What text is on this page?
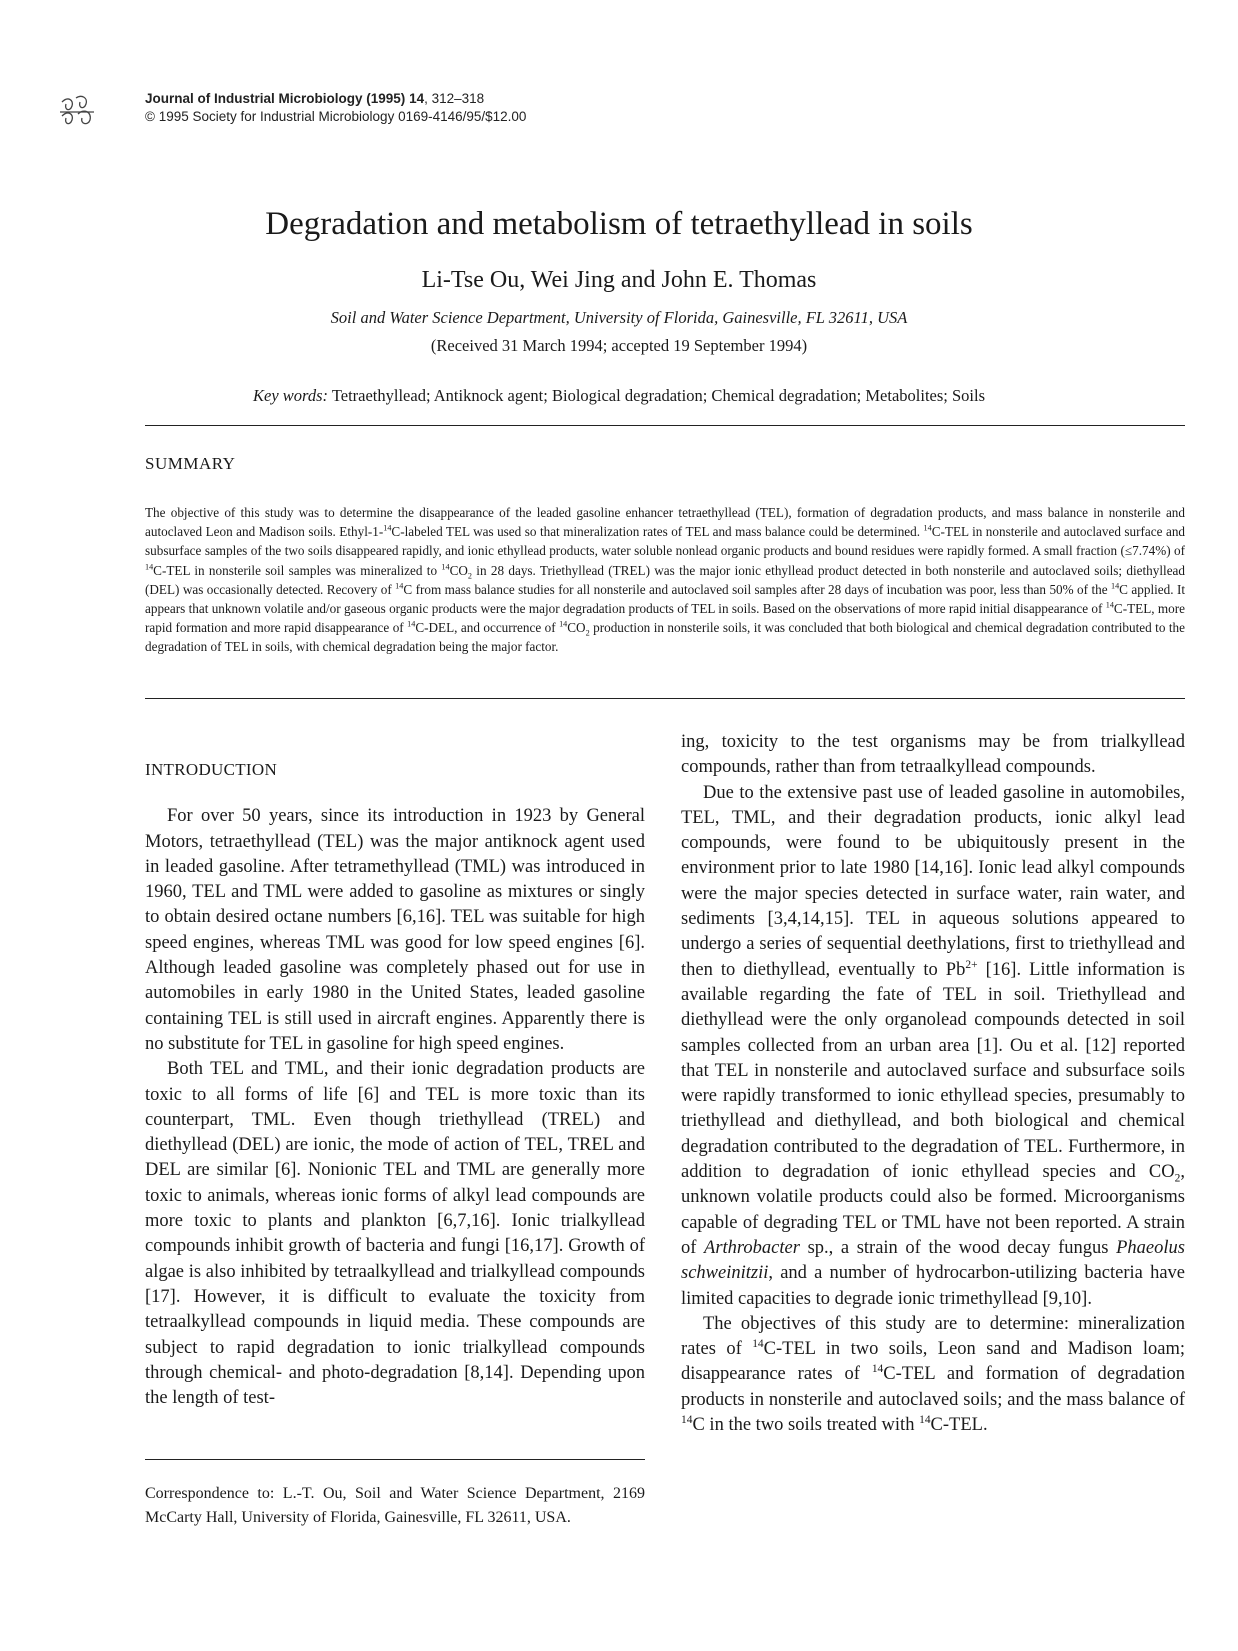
Journal of Industrial Microbiology (1995) 14, 312–318
© 1995 Society for Industrial Microbiology 0169-4146/95/$12.00
Degradation and metabolism of tetraethyllead in soils
Li-Tse Ou, Wei Jing and John E. Thomas
Soil and Water Science Department, University of Florida, Gainesville, FL 32611, USA
(Received 31 March 1994; accepted 19 September 1994)
Key words: Tetraethyllead; Antiknock agent; Biological degradation; Chemical degradation; Metabolites; Soils
SUMMARY
The objective of this study was to determine the disappearance of the leaded gasoline enhancer tetraethyllead (TEL), formation of degradation products, and mass balance in nonsterile and autoclaved Leon and Madison soils. Ethyl-1-$^{14}$C-labeled TEL was used so that mineralization rates of TEL and mass balance could be determined. $^{14}$C-TEL in nonsterile and autoclaved surface and subsurface samples of the two soils disappeared rapidly, and ionic ethyllead products, water soluble nonlead organic products and bound residues were rapidly formed. A small fraction (≤7.74%) of $^{14}$C-TEL in nonsterile soil samples was mineralized to $^{14}CO_2$ in 28 days. Triethyllead (TREL) was the major ionic ethyllead product detected in both nonsterile and autoclaved soils; diethyllead (DEL) was occasionally detected. Recovery of $^{14}$C from mass balance studies for all nonsterile and autoclaved soil samples after 28 days of incubation was poor, less than 50% of the $^{14}$C applied. It appears that unknown volatile and/or gaseous organic products were the major degradation products of TEL in soils. Based on the observations of more rapid initial disappearance of $^{14}$C-TEL, more rapid formation and more rapid disappearance of $^{14}$C-DEL, and occurrence of $^{14}CO_2$ production in nonsterile soils, it was concluded that both biological and chemical degradation contributed to the degradation of TEL in soils, with chemical degradation being the major factor.
INTRODUCTION

For over 50 years, since its introduction in 1923 by General Motors, tetraethyllead (TEL) was the major antiknock agent used in leaded gasoline. After tetramethyllead (TML) was introduced in 1960, TEL and TML were added to gasoline as mixtures or singly to obtain desired octane numbers [6,16]. TEL was suitable for high speed engines, whereas TML was good for low speed engines [6]. Although leaded gasoline was completely phased out for use in automobiles in early 1980 in the United States, leaded gasoline containing TEL is still used in aircraft engines. Apparently there is no substitute for TEL in gasoline for high speed engines.

Both TEL and TML, and their ionic degradation products are toxic to all forms of life [6] and TEL is more toxic than its counterpart, TML. Even though triethyllead (TREL) and diethyllead (DEL) are ionic, the mode of action of TEL, TREL and DEL are similar [6]. Nonionic TEL and TML are generally more toxic to animals, whereas ionic forms of alkyl lead compounds are more toxic to plants and plankton [6,7,16]. Ionic trialkyllead compounds inhibit growth of bacteria and fungi [16,17]. Growth of algae is also inhibited by tetraalkyllead and trialkyllead compounds [17]. However, it is difficult to evaluate the toxicity from tetraalkyllead compounds in liquid media. These compounds are subject to rapid degradation to ionic trialkyllead compounds through chemical- and photo-degradation [8,14]. Depending upon the length of test-

ing, toxicity to the test organisms may be from trialkyllead compounds, rather than from tetraalkyllead compounds.

Due to the extensive past use of leaded gasoline in automobiles, TEL, TML, and their degradation products, ionic alkyl lead compounds, were found to be ubiquitously present in the environment prior to late 1980 [14,16]. Ionic lead alkyl compounds were the major species detected in surface water, rain water, and sediments [3,4,14,15]. TEL in aqueous solutions appeared to undergo a series of sequential deethylations, first to triethyllead and then to diethyllead, eventually to $Pb^{2+}$ [16]. Little information is available regarding the fate of TEL in soil. Triethyllead and diethyllead were the only organolead compounds detected in soil samples collected from an urban area [1]. Ou et al. [12] reported that TEL in nonsterile and autoclaved surface and subsurface soils were rapidly transformed to ionic ethyllead species, presumably to triethyllead and diethyllead, and both biological and chemical degradation contributed to the degradation of TEL. Furthermore, in addition to degradation of ionic ethyllead species and $CO_2$, unknown volatile products could also be formed. Microorganisms capable of degrading TEL or TML have not been reported. A strain of Arthrobacter sp., a strain of the wood decay fungus Phaeolus schweinitzii, and a number of hydrocarbon-utilizing bacteria have limited capacities to degrade ionic trimethyllead [9,10].

The objectives of this study are to determine: mineralization rates of $^{14}$C-TEL in two soils, Leon sand and Madison loam; disappearance rates of $^{14}$C-TEL and formation of degradation products in nonsterile and autoclaved soils; and the mass balance of $^{14}$C in the two soils treated with $^{14}$C-TEL.

Correspondence to: L.-T. Ou, Soil and Water Science Department, 2169 McCarty Hall, University of Florida, Gainesville, FL 32611, USA.
